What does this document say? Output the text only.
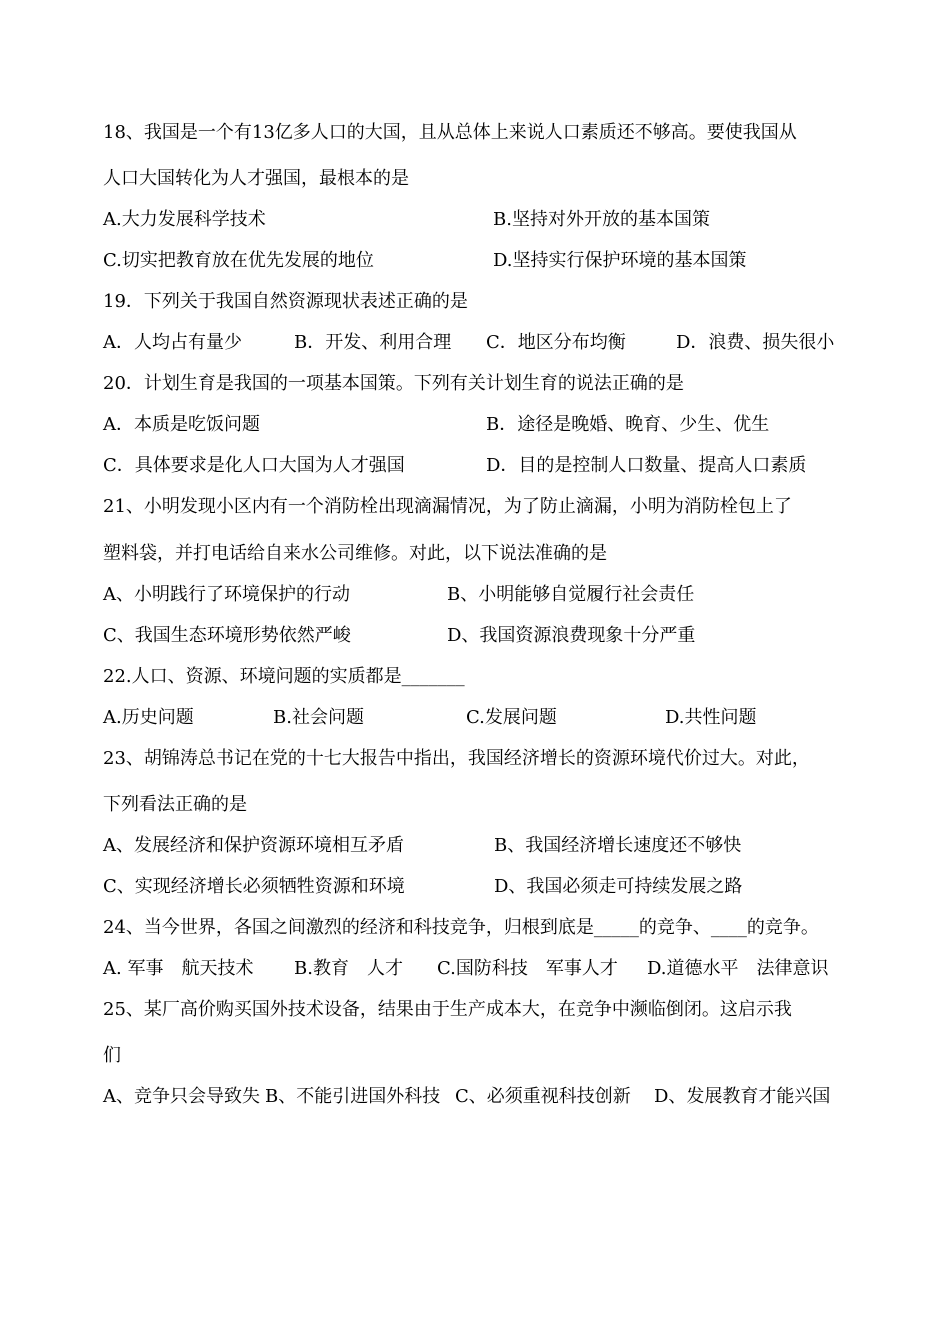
18、我国是一个有13亿多人口的大国，且从总体上来说人口素质还不够高。要使我国从
人口大国转化为人才强国，最根本的是
A.大力发展科学技术	B.坚持对外开放的基本国策
C.切实把教育放在优先发展的地位	D.坚持实行保护环境的基本国策
19．下列关于我国自然资源现状表述正确的是
A．人均占有量少	B．开发、利用合理 C．地区分布均衡	D．浪费、损失很小
20．计划生育是我国的一项基本国策。下列有关计划生育的说法正确的是
A．本质是吃饭问题	B．途径是晚婚、晚育、少生、优生
C．具体要求是化人口大国为人才强国	D．目的是控制人口数量、提高人口素质
21、小明发现小区内有一个消防栓出现滴漏情况，为了防止滴漏，小明为消防栓包上了
塑料袋，并打电话给自来水公司维修。对此，以下说法准确的是
A、小明践行了环境保护的行动	B、小明能够自觉履行社会责任
C、我国生态环境形势依然严峻	D、我国资源浪费现象十分严重
22.人口、资源、环境问题的实质都是_______
A.历史问题	B.社会问题	C.发展问题	D.共性问题
23、胡锦涛总书记在党的十七大报告中指出，我国经济增长的资源环境代价过大。对此，
下列看法正确的是
A、发展经济和保护资源环境相互矛盾	B、我国经济增长速度还不够快
C、实现经济增长必须牺牲资源和环境	D、我国必须走可持续发展之路
24、当今世界，各国之间激烈的经济和科技竞争，归根到底是_____的竞争、____的竞争。
A. 军事　航天技术 B.教育　人才 C.国防科技　军事人才 D.道德水平　法律意识
25、某厂高价购买国外技术设备，结果由于生产成本大，在竞争中濒临倒闭。这启示我
们
A、竞争只会导致失 B、不能引进国外科技 C、必须重视科技创新 D、发展教育才能兴国
